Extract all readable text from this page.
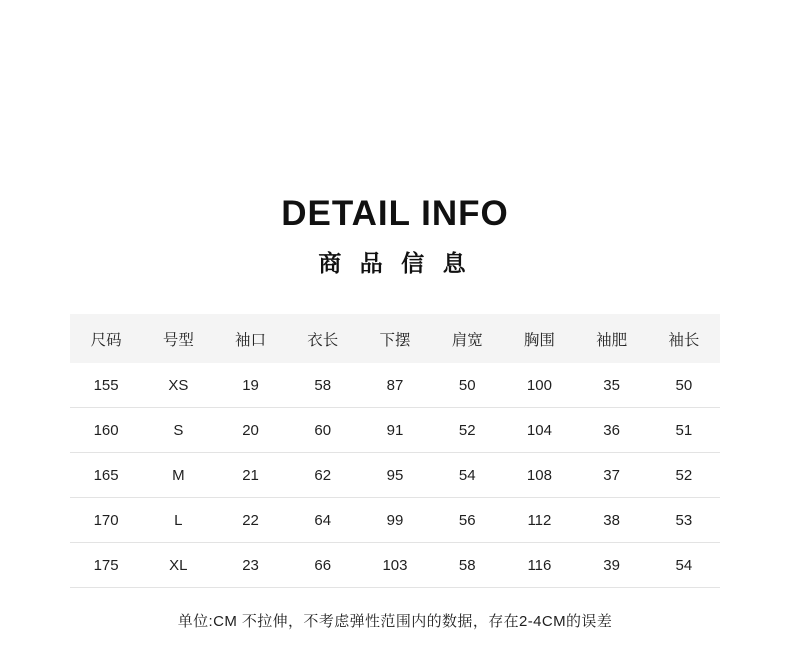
DETAIL INFO
商 品 信 息
尺码	号型	袖口	衣长	下摆	肩宽	胸围	袖肥	袖长
155	XS	19	58	87	50	100	35	50
160	S	20	60	91	52	104	36	51
165	M	21	62	95	54	108	37	52
170	L	22	64	99	56	112	38	53
175	XL	23	66	103	58	116	39	54
单位:CM 不拉伸，不考虑弹性范围内的数据，存在2-4CM的误差
